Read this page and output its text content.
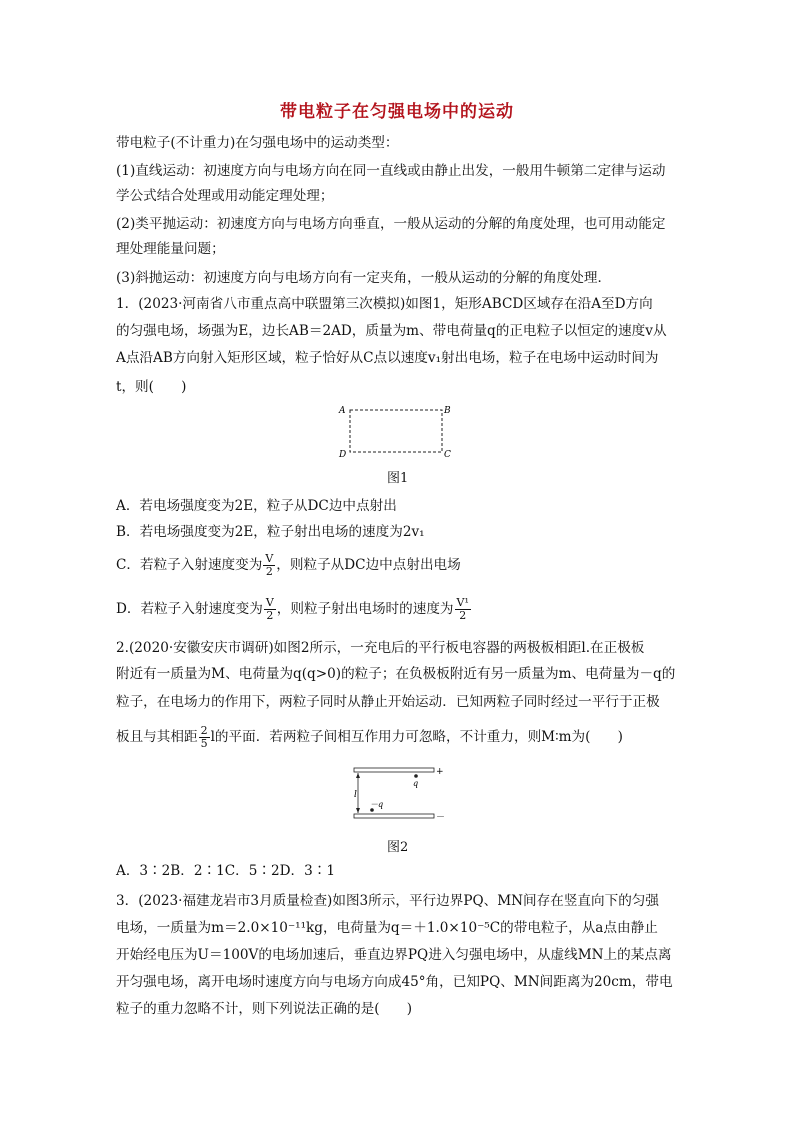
带电粒子在匀强电场中的运动
带电粒子(不计重力)在匀强电场中的运动类型：
(1)直线运动：初速度方向与电场方向在同一直线或由静止出发，一般用牛顿第二定律与运动
学公式结合处理或用动能定理处理；
(2)类平抛运动：初速度方向与电场方向垂直，一般从运动的分解的角度处理，也可用动能定
理处理能量问题；
(3)斜抛运动：初速度方向与电场方向有一定夹角，一般从运动的分解的角度处理．
1．(2023·河南省八市重点高中联盟第三次模拟)如图1，矩形ABCD区域存在沿A至D方向
的匀强电场，场强为E，边长AB＝2AD，质量为m、带电荷量q的正电粒子以恒定的速度v从
A点沿AB方向射入矩形区域，粒子恰好从C点以速度v₁射出电场，粒子在电场中运动时间为
t，则(　　)
A	B
D	C
图1
A．若电场强度变为2E，粒子从DC边中点射出
B．若电场强度变为2E，粒子射出电场的速度为2v₁
C．若粒子入射速度变为 $\frac{V}{2}$ ，则粒子从DC边中点射出电场
D．若粒子入射速度变为 $\frac{V}{2}$ ，则粒子射出电场时的速度为 $\frac{\text{V¹}}{2}$
2.(2020·安徽安庆市调研)如图2所示，一充电后的平行板电容器的两极板相距l.在正极板
附近有一质量为M、电荷量为q(q>0)的粒子；在负极板附近有另一质量为m、电荷量为－q的
粒子，在电场力的作用下，两粒子同时从静止开始运动．已知两粒子同时经过一平行于正极
板且与其相距 $\frac{2}{5}$ l的平面．若两粒子间相互作用力可忽略，不计重力，则M∶m为(　　)
+
－
l
q
－q
图2
A．3∶2B．2∶1C．5∶2D．3∶1
3．(2023·福建龙岩市3月质量检查)如图3所示，平行边界PQ、MN间存在竖直向下的匀强
电场，一质量为m＝2.0×10⁻¹¹kg，电荷量为q＝＋1.0×10⁻⁵C的带电粒子，从a点由静止
开始经电压为U＝100V的电场加速后，垂直边界PQ进入匀强电场中，从虚线MN上的某点离
开匀强电场，离开电场时速度方向与电场方向成45°角，已知PQ、MN间距离为20cm，带电
粒子的重力忽略不计，则下列说法正确的是(　　)
